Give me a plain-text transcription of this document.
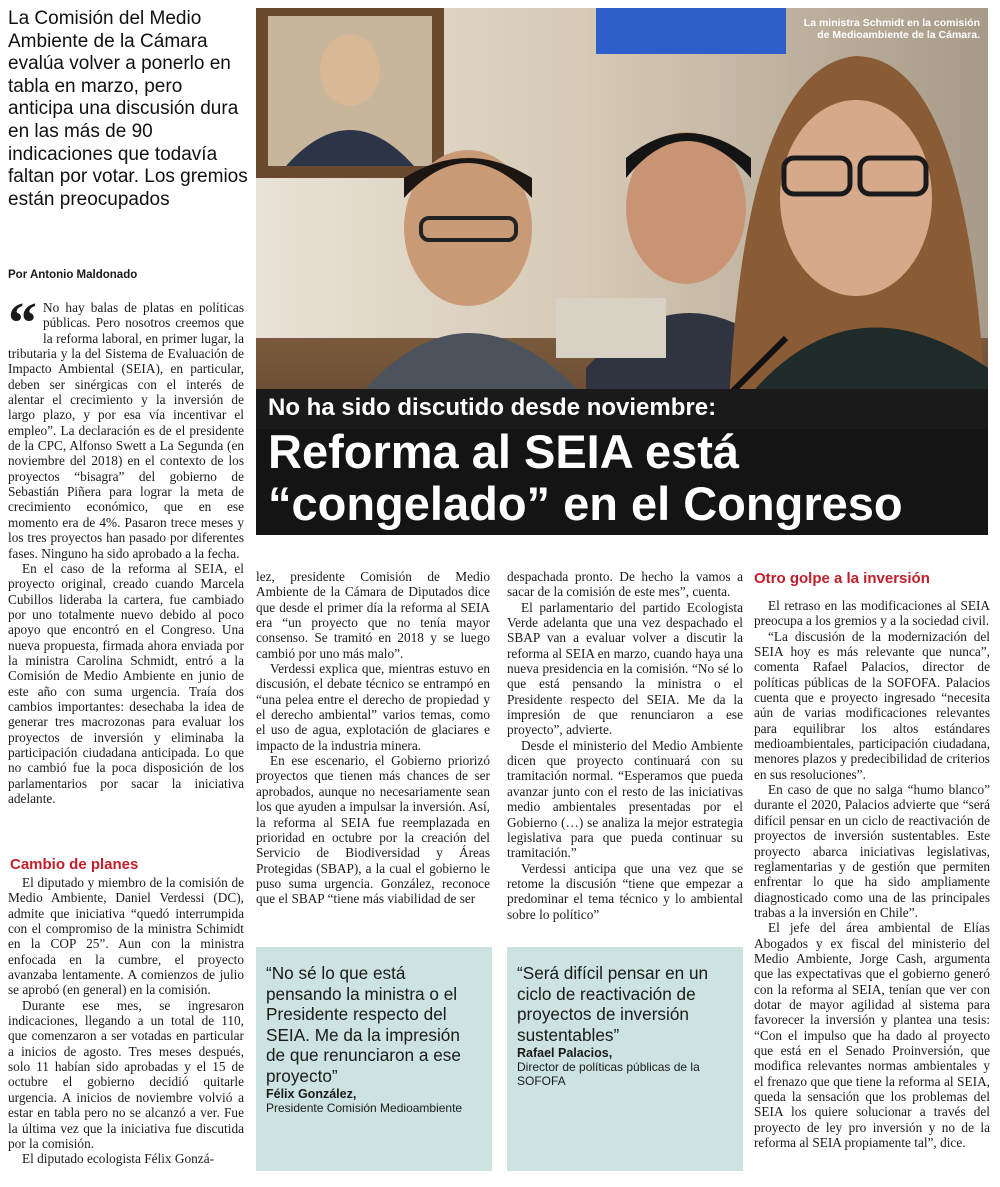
La Comisión del Medio Ambiente de la Cámara evalúa volver a ponerlo en tabla en marzo, pero anticipa una discusión dura en las más de 90 indicaciones que todavía faltan por votar. Los gremios están preocupados
Por Antonio Maldonado
La ministra Schmidt en la comisión
de Medioambiente de la Cámara.
No ha sido discutido desde noviembre:
Reforma al SEIA está
“congelado” en el Congreso
“ No hay balas de platas en políticas públicas. Pero nosotros creemos que la reforma laboral, en primer lugar, la tributaria y la del Sistema de Evaluación de Impacto Ambiental (SEIA), en particular, deben ser sinérgicas con el interés de alentar el crecimiento y la inversión de largo plazo, y por esa vía incentivar el empleo”. La declaración es de el presidente de la CPC, Alfonso Swett a La Segunda (en noviembre del 2018) en el contexto de los proyectos “bisagra” del gobierno de Sebastián Piñera para lograr la meta de crecimiento económico, que en ese momento era de 4%. Pasaron trece meses y los tres proyectos han pasado por diferentes fases. Ninguno ha sido aprobado a la fecha.

En el caso de la reforma al SEIA, el proyecto original, creado cuando Marcela Cubillos lideraba la cartera, fue cambiado por uno totalmente nuevo debido al poco apoyo que encontró en el Congreso. Una nueva propuesta, firmada ahora enviada por la ministra Carolina Schmidt, entró a la Comisión de Medio Ambiente en junio de este año con suma urgencia. Traía dos cambios importantes: desechaba la idea de generar tres macrozonas para evaluar los proyectos de inversión y eliminaba la participación ciudadana anticipada. Lo que no cambió fue la poca disposición de los parlamentarios por sacar la iniciativa adelante.

Cambio de planes

El diputado y miembro de la comisión de Medio Ambiente, Daniel Verdessi (DC), admite que iniciativa “quedó interrumpida con el compromiso de la ministra Schimidt en la COP 25”. Aun con la ministra enfocada en la cumbre, el proyecto avanzaba lentamente. A comienzos de julio se aprobó (en general) en la comisión.

Durante ese mes, se ingresaron indicaciones, llegando a un total de 110, que comenzaron a ser votadas en particular a inicios de agosto. Tres meses después, solo 11 habían sido aprobadas y el 15 de octubre el gobierno decidió quitarle urgencia. A inicios de noviembre volvió a estar en tabla pero no se alcanzó a ver. Fue la última vez que la iniciativa fue discutida por la comisión.

El diputado ecologista Félix Gonzá-

lez, presidente Comisión de Medio Ambiente de la Cámara de Diputados dice que desde el primer día la reforma al SEIA era “un proyecto que no tenía mayor consenso. Se tramitó en 2018 y se luego cambió por uno más malo”.

Verdessi explica que, mientras estuvo en discusión, el debate técnico se entrampó en “una pelea entre el derecho de propiedad y el derecho ambiental” varios temas, como el uso de agua, explotación de glaciares e impacto de la industria minera.

En ese escenario, el Gobierno priorizó proyectos que tienen más chances de ser aprobados, aunque no necesariamente sean los que ayuden a impulsar la inversión. Así, la reforma al SEIA fue reemplazada en prioridad en octubre por la creación del Servicio de Biodiversidad y Áreas Protegidas (SBAP), a la cual el gobierno le puso suma urgencia. González, reconoce que el SBAP “tiene más viabilidad de ser

despachada pronto. De hecho la vamos a sacar de la comisión de este mes”, cuenta.

El parlamentario del partido Ecologista Verde adelanta que una vez despachado el SBAP van a evaluar volver a discutir la reforma al SEIA en marzo, cuando haya una nueva presidencia en la comisión. “No sé lo que está pensando la ministra o el Presidente respecto del SEIA. Me da la impresión de que renunciaron a ese proyecto”, advierte.

Desde el ministerio del Medio Ambiente dicen que proyecto continuará con su tramitación normal. “Esperamos que pueda avanzar junto con el resto de las iniciativas medio ambientales presentadas por el Gobierno (…) se analiza la mejor estrategia legislativa para que pueda continuar su tramitación.”

Verdessi anticipa que una vez que se retome la discusión “tiene que empezar a predominar el tema técnico y lo ambiental sobre lo político”

Otro golpe a la inversión

El retraso en las modificaciones al SEIA preocupa a los gremios y a la sociedad civil.

“La discusión de la modernización del SEIA hoy es más relevante que nunca”, comenta Rafael Palacios, director de políticas públicas de la SOFOFA. Palacios cuenta que e proyecto ingresado “necesita aún de varias modificaciones relevantes para equilibrar los altos estándares medioambientales, participación ciudadana, menores plazos y predecibilidad de criterios en sus resoluciones”.

En caso de que no salga “humo blanco” durante el 2020, Palacios advierte que “será difícil pensar en un ciclo de reactivación de proyectos de inversión sustentables. Este proyecto abarca iniciativas legislativas, reglamentarias y de gestión que permiten enfrentar lo que ha sido ampliamente diagnosticado como una de las principales trabas a la inversión en Chile”.

El jefe del área ambiental de Elías Abogados y ex fiscal del ministerio del Medio Ambiente, Jorge Cash, argumenta que las expectativas que el gobierno generó con la reforma al SEIA, tenían que ver con dotar de mayor agilidad al sistema para favorecer la inversión y plantea una tesis: “Con el impulso que ha dado al proyecto que está en el Senado Proinversión, que modifica relevantes normas ambientales y el frenazo que que tiene la reforma al SEIA, queda la sensación que los problemas del SEIA los quiere solucionar a través del proyecto de ley pro inversión y no de la reforma al SEIA propiamente tal”, dice.

“No sé lo que está pensando la ministra o el Presidente respecto del SEIA. Me da la impresión de que renunciaron a ese proyecto”
Félix González,
Presidente Comisión Medioambiente
“Será difícil pensar en un ciclo de reactivación de proyectos de inversión sustentables”
Rafael Palacios,
Director de políticas públicas de la SOFOFA
